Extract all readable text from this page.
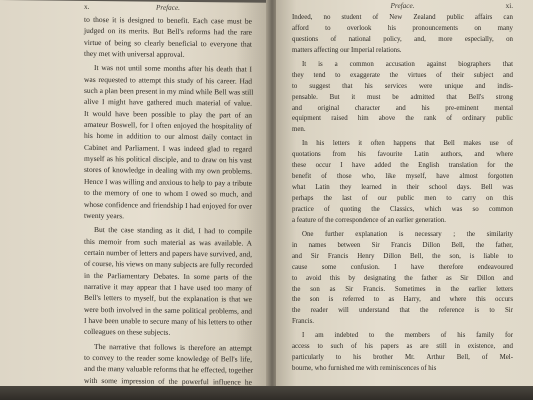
x.	Preface.
to those it is designed to benefit. Each case must be
judged on its merits. But Bell's reforms had the rare
virtue of being so clearly beneficial to everyone that
they met with universal approval.
It was not until some months after his death that I
was requested to attempt this study of his career. Had
such a plan been present in my mind while Bell was still
alive I might have gathered much material of value.
It would have been possible to play the part of an
amateur Boswell, for I often enjoyed the hospitality of
his home in addition to our almost daily contact in
Cabinet and Parliament. I was indeed glad to regard
myself as his political disciple, and to draw on his vast
stores of knowledge in dealing with my own problems.
Hence I was willing and anxious to help to pay a tribute
to the memory of one to whom I owed so much, and
whose confidence and friendship I had enjoyed for over
twenty years.
But the case standing as it did, I had to compile
this memoir from such material as was available. A
certain number of letters and papers have survived, and,
of course, his views on many subjects are fully recorded
in the Parliamentary Debates. In some parts of the
narrative it may appear that I have used too many of
Bell's letters to myself, but the explanation is that we
were both involved in the same political problems, and
I have been unable to secure many of his letters to other
colleagues on these subjects.
The narrative that follows is therefore an attempt
to convey to the reader some knowledge of Bell's life,
and the many valuable reforms that he effected, together
with some impression of the powerful influence he
xi.
Preface.
Indeed, no student of New Zealand public affairs can
afford to overlook his pronouncements on many
questions of national policy, and, more especially, on
matters affecting our Imperial relations.
It is a common accusation against biographers that
they tend to exaggerate the virtues of their subject and
to suggest that his services were unique and indis-
pensable. But it must be admitted that Bell's strong
and original character and his pre-eminent mental
equipment raised him above the rank of ordinary public
men.
In his letters it often happens that Bell makes use of
quotations from his favourite Latin authors, and where
these occur I have added the English translation for the
benefit of those who, like myself, have almost forgotten
what Latin they learned in their school days. Bell was
perhaps the last of our public men to carry on this
practice of quoting the Classics, which was so common
a feature of the correspondence of an earlier generation.
One further explanation is necessary ; the similarity
in names between Sir Francis Dillon Bell, the father,
and Sir Francis Henry Dillon Bell, the son, is liable to
cause some confusion. I have therefore endeavoured
to avoid this by designating the father as Sir Dillon and
the son as Sir Francis. Sometimes in the earlier letters
the son is referred to as Harry, and where this occurs
the reader will understand that the reference is to Sir
Francis.
I am indebted to the members of his family for
access to such of his papers as are still in existence, and
particularly to his brother Mr. Arthur Bell, of Mel-
bourne, who furnished me with reminiscences of his
